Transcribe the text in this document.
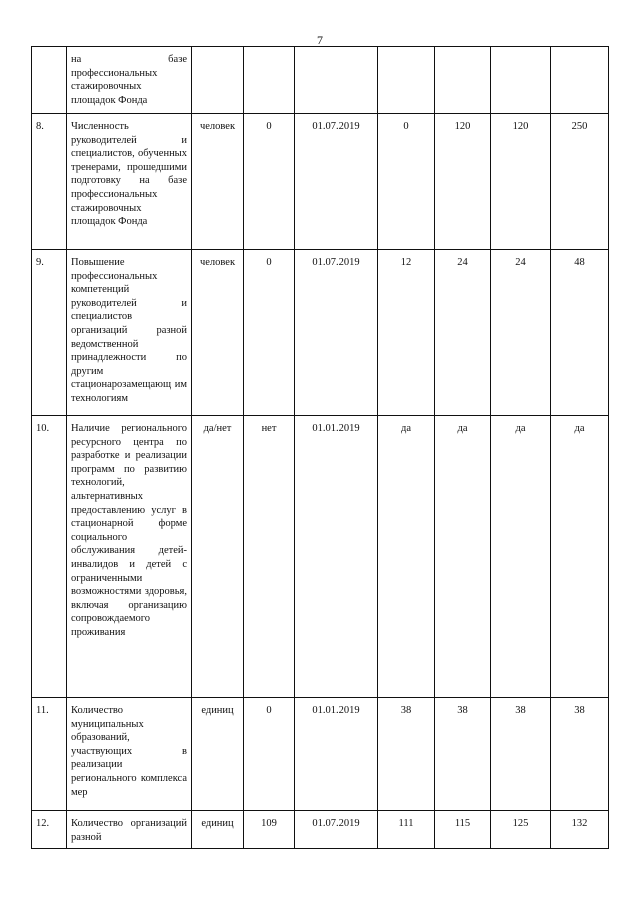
7
	на базе профессиональных стажировочных площадок Фонда							
8.	Численность руководителей и специалистов, обученных тренерами, прошедшими подготовку на базе профессиональных стажировочных площадок Фонда	человек	0	01.07.2019	0	120	120	250
9.	Повышение профессиональных компетенций руководителей и специалистов организаций разной ведомственной принадлежности по другим стационарозамещающ им технологиям	человек	0	01.07.2019	12	24	24	48
10.	Наличие регионального ресурсного центра по разработке и реализации программ по развитию технологий, альтернативных предоставлению услуг в стационарной форме социального обслуживания детей-инвалидов и детей с ограниченными возможностями здоровья, включая организацию сопровождаемого проживания	да/нет	нет	01.01.2019	да	да	да	да
11.	Количество муниципальных образований, участвующих в реализации регионального комплекса мер	единиц	0	01.01.2019	38	38	38	38
12.	Количество организаций разной	единиц	109	01.07.2019	111	115	125	132
